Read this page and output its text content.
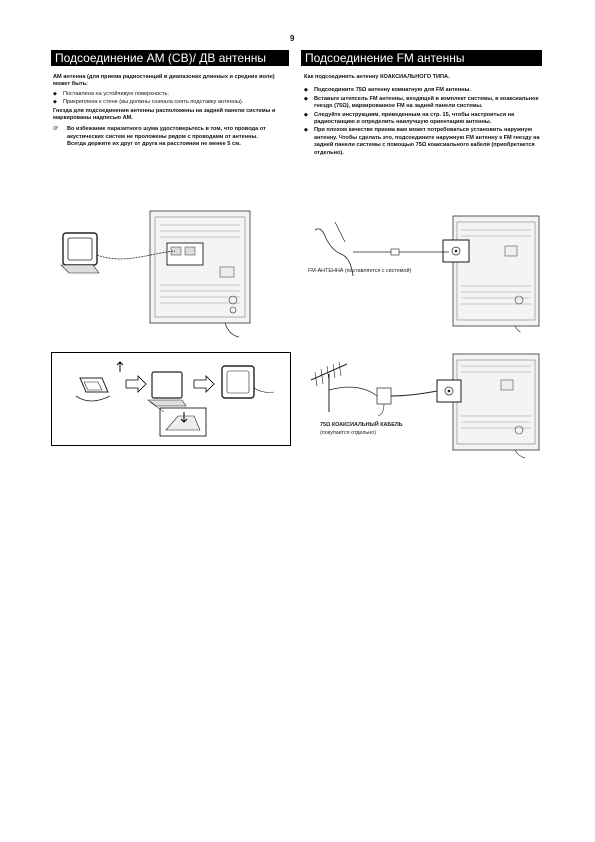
9
Подсоединение АМ (СВ)/ ДВ антенны

АМ антенна (для приема радиостанций в диапазонах длинных и средних волн) может быть:

◆ Поставлена на устойчивую поверхность.
◆ Прикреплена к стене (вы должны сначала снять подставку антенны).

Гнезда для подсоединения антенны расположены на задней панели системы и маркированы надписью АМ.

☞ Во избежание паразитного шума удостоверьтесь в том, что провода от акустических систем не проложены рядом с проводами от антенны.
Всегда держите их друг от друга на расстоянии не менее 5 см.
Подсоединение FM антенны

Как подсоединить антенну КОАКСИАЛЬНОГО ТИПА.

◆ Подсоедините 75Ω антенну комнатную для FM антенны.
◆ Вставьте штепсель FM антенны, входящей в комплект системы, в коаксиальное гнездо (75Ω), маркированное FM на задней панели системы.
◆ Следуйте инструкциям, приведенным на стр. 15, чтобы настроиться на радиостанцию и определить наилучшую ориентацию антенны.
◆ При плохом качестве приема вам может потребоваться установить наружную антенну. Чтобы сделать это, подсоедините наружную FM антенну к FM гнезду на задней панели системы с помощью 75Ω коаксиального кабеля (приобретается отдельно).
FM-АНТЕННА (поставляется с системой)
75Ω КОАКСИАЛЬНЫЙ КАБЕЛЬ
(покупается отдельно)
